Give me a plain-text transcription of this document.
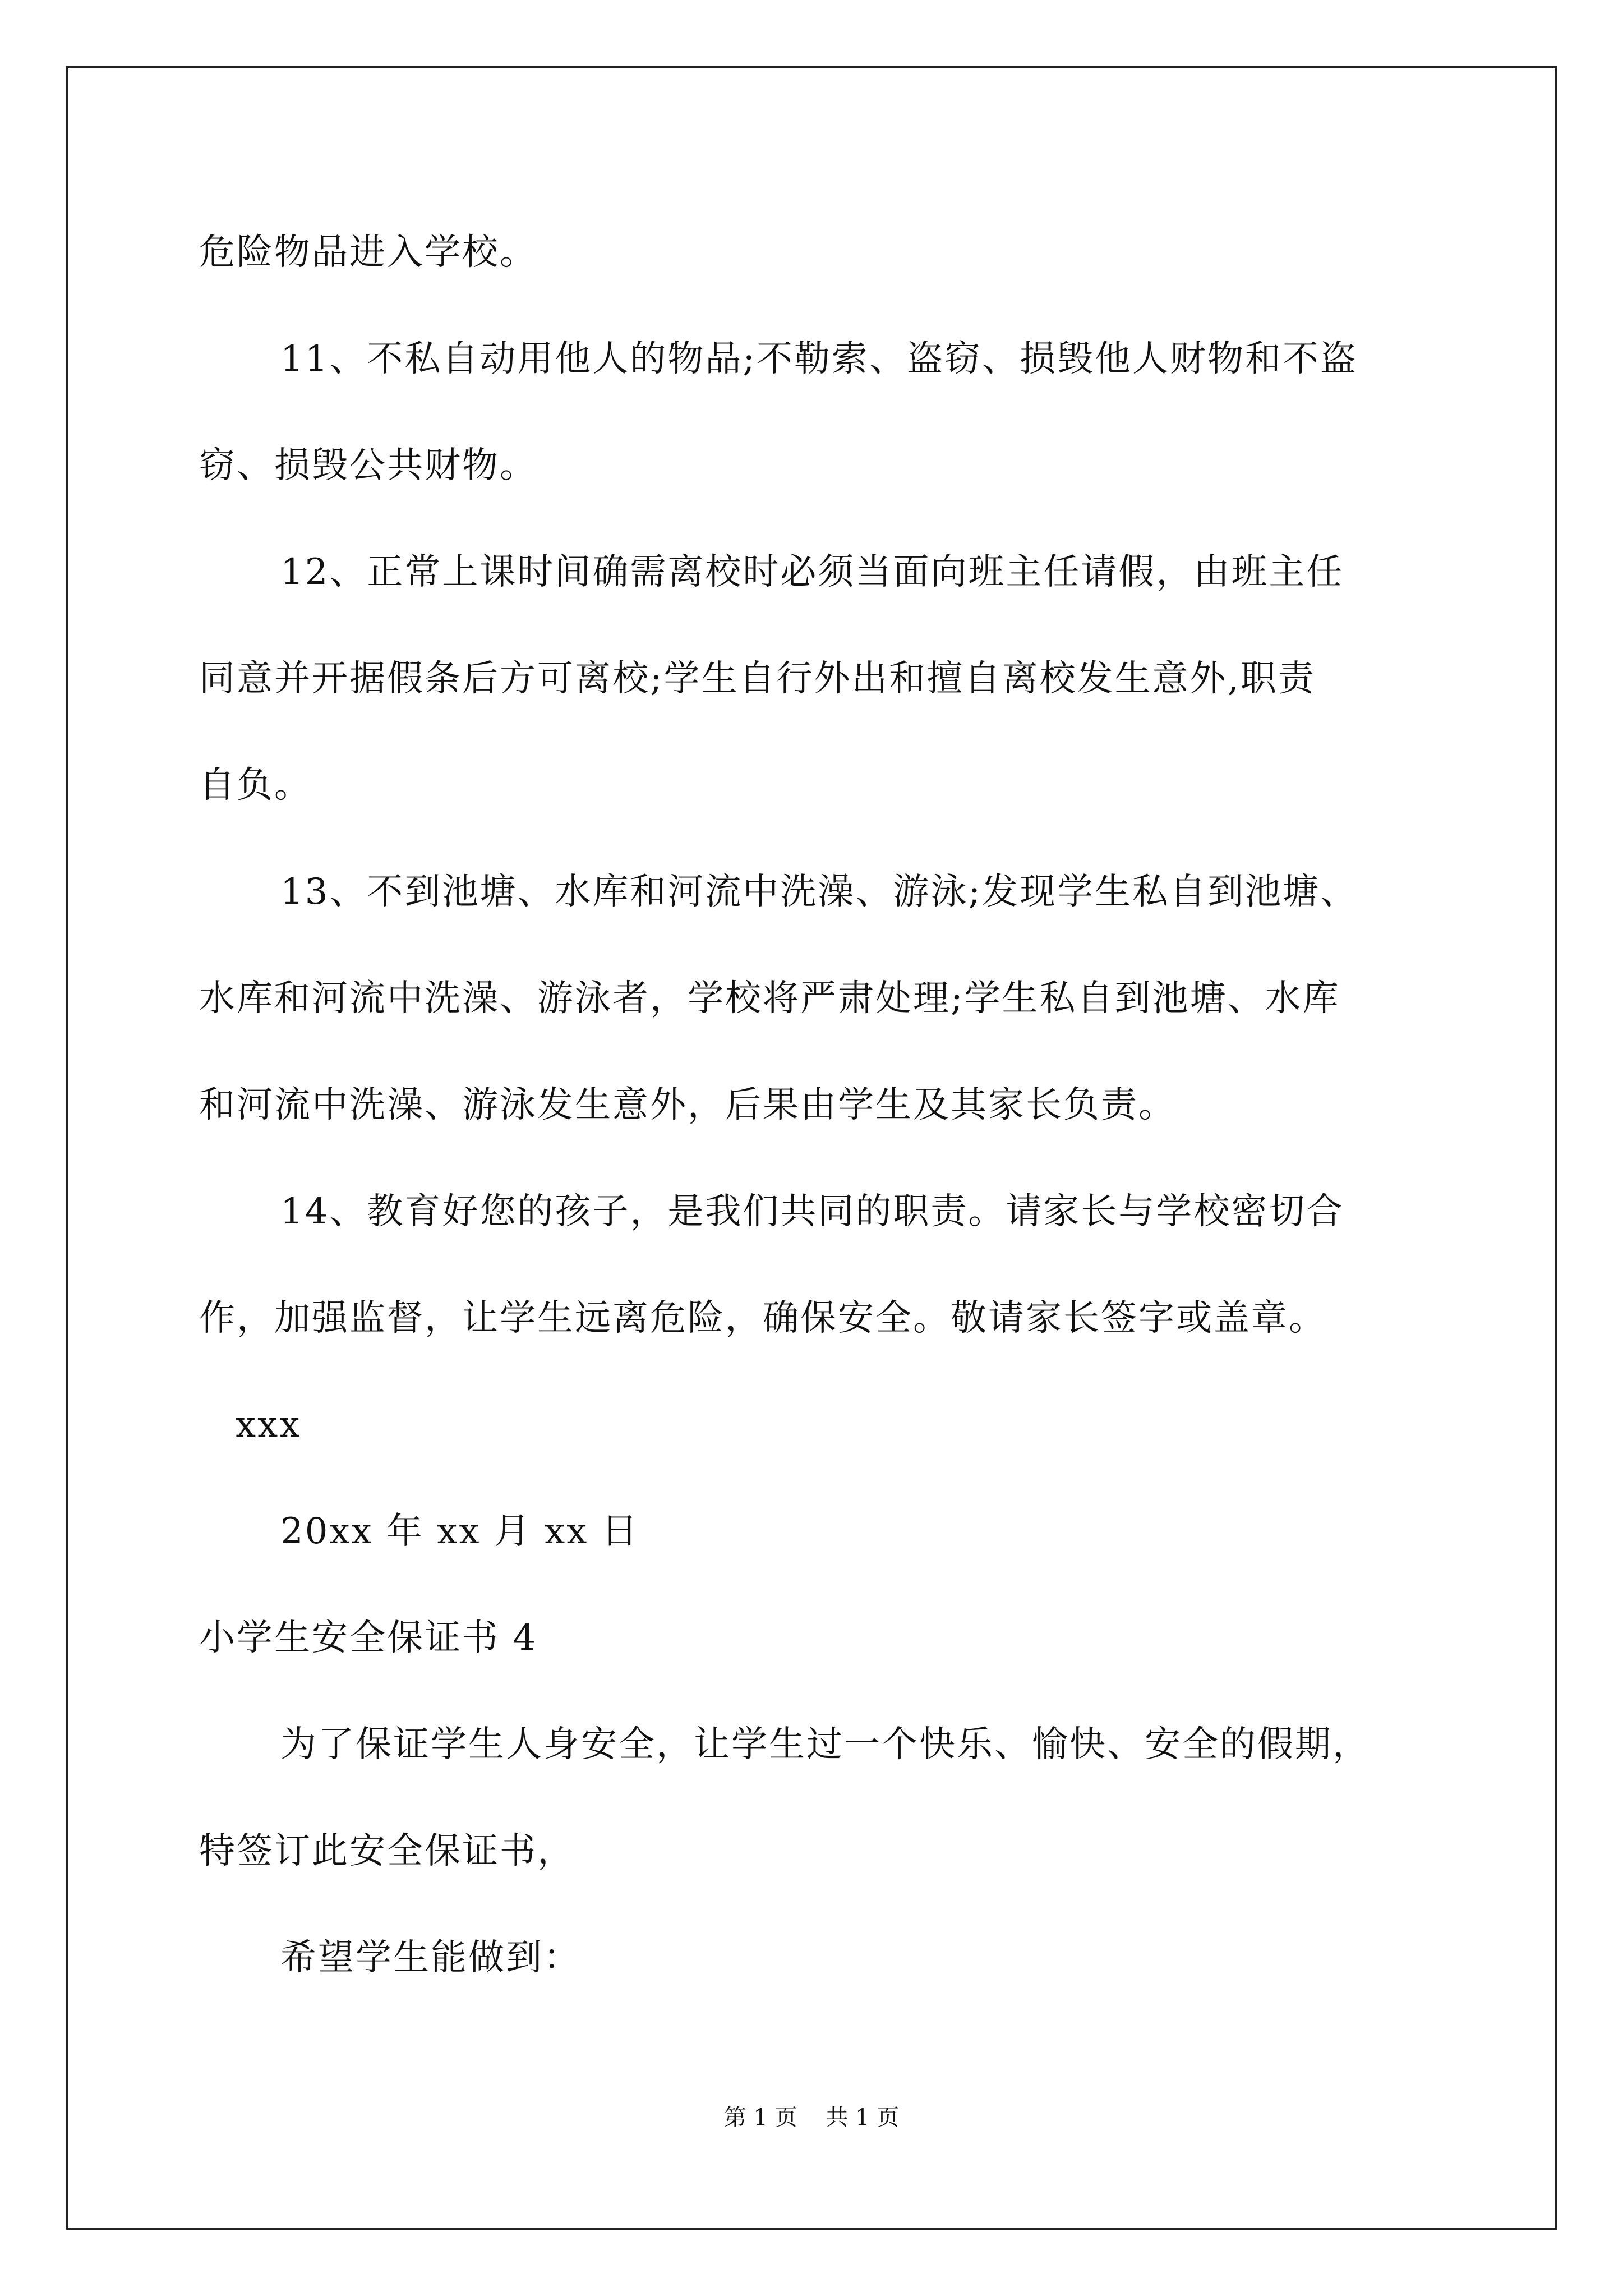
危险物品进入学校。
11、不私自动用他人的物品;不勒索、盗窃、损毁他人财物和不盗
窃、损毁公共财物。
12、正常上课时间确需离校时必须当面向班主任请假，由班主任
同意并开据假条后方可离校;学生自行外出和擅自离校发生意外,职责
自负。
13、不到池塘、水库和河流中洗澡、游泳;发现学生私自到池塘、
水库和河流中洗澡、游泳者，学校将严肃处理;学生私自到池塘、水库
和河流中洗澡、游泳发生意外，后果由学生及其家长负责。
14、教育好您的孩子，是我们共同的职责。请家长与学校密切合
作，加强监督，让学生远离危险，确保安全。敬请家长签字或盖章。
xxx
20xx 年 xx 月 xx 日
小学生安全保证书 4
为了保证学生人身安全，让学生过一个快乐、愉快、安全的假期，
特签订此安全保证书，
希望学生能做到：
第 1 页    共 1 页
